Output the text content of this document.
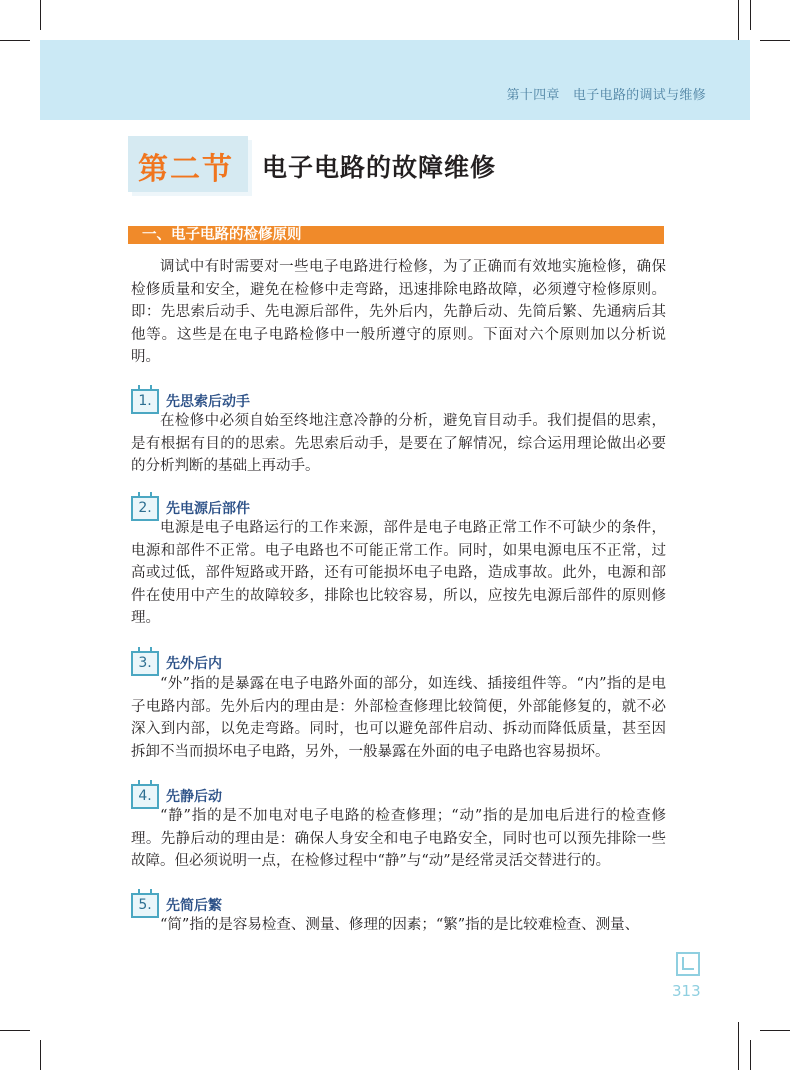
第十四章　电子电路的调试与维修
第二节 电子电路的故障维修
一、电子电路的检修原则

调试中有时需要对一些电子电路进行检修，为了正确而有效地实施检修，确保检修质量和安全，避免在检修中走弯路，迅速排除电路故障，必须遵守检修原则。即：先思索后动手、先电源后部件，先外后内，先静后动、先简后繁、先通病后其他等。这些是在电子电路检修中一般所遵守的原则。下面对六个原则加以分析说明。

1.	先思索后动手

在检修中必须自始至终地注意冷静的分析，避免盲目动手。我们提倡的思索，是有根据有目的的思索。先思索后动手，是要在了解情况，综合运用理论做出必要的分析判断的基础上再动手。

2.	先电源后部件

电源是电子电路运行的工作来源，部件是电子电路正常工作不可缺少的条件，电源和部件不正常。电子电路也不可能正常工作。同时，如果电源电压不正常，过高或过低，部件短路或开路，还有可能损坏电子电路，造成事故。此外，电源和部件在使用中产生的故障较多，排除也比较容易，所以，应按先电源后部件的原则修理。

3.	先外后内

“外”指的是暴露在电子电路外面的部分，如连线、插接组件等。“内”指的是电子电路内部。先外后内的理由是：外部检查修理比较简便，外部能修复的，就不必深入到内部，以免走弯路。同时，也可以避免部件启动、拆动而降低质量，甚至因拆卸不当而损坏电子电路，另外，一般暴露在外面的电子电路也容易损坏。

4.	先静后动

“静”指的是不加电对电子电路的检查修理；“动”指的是加电后进行的检查修理。先静后动的理由是：确保人身安全和电子电路安全，同时也可以预先排除一些故障。但必须说明一点，在检修过程中“静”与“动”是经常灵活交替进行的。

5.	先简后繁

“简”指的是容易检查、测量、修理的因素；“繁”指的是比较难检查、测量、

313
